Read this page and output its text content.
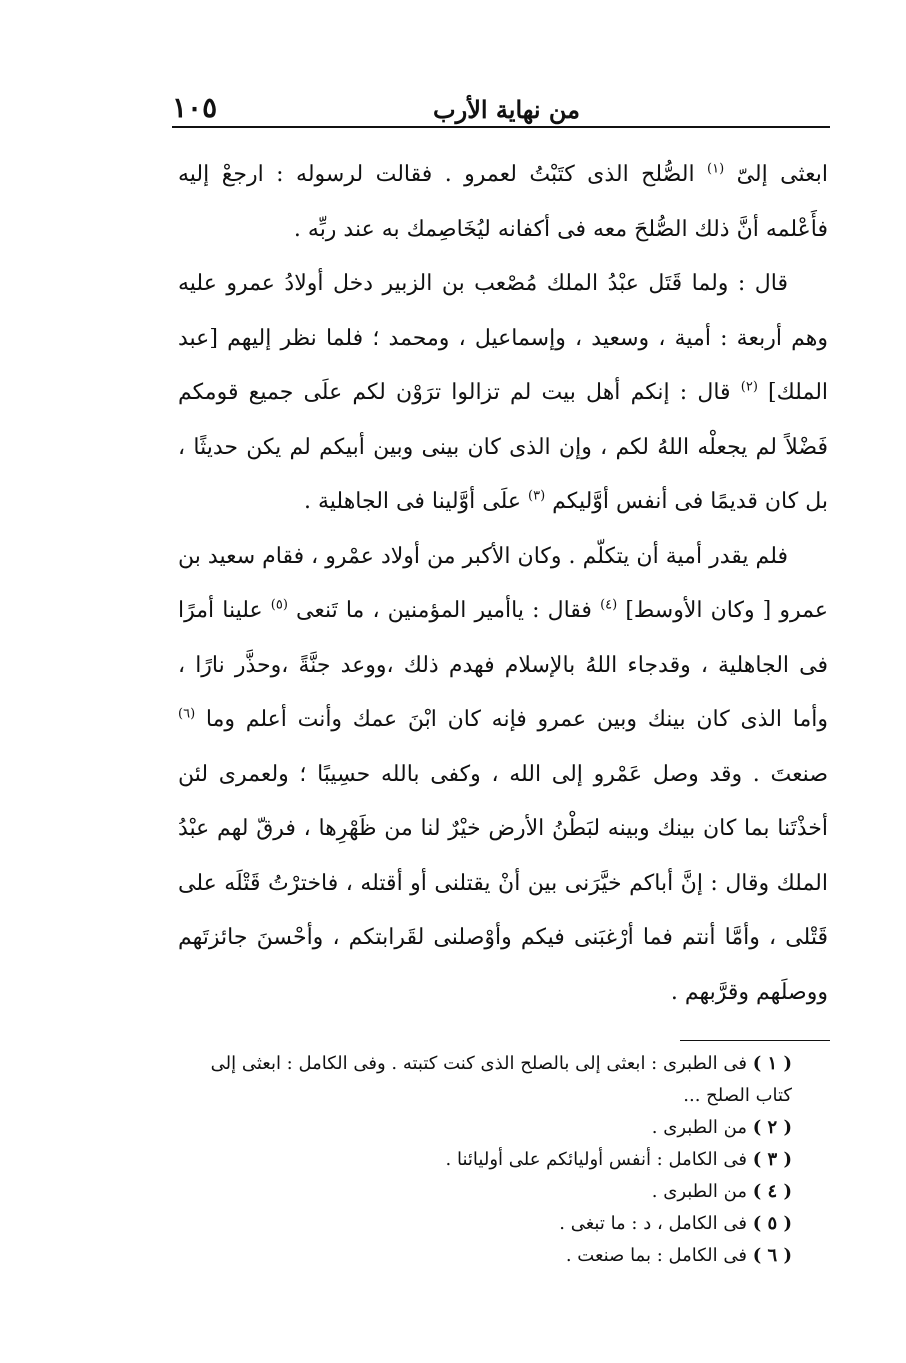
من نهاية الأرب
١٠٥

ابعثى إلىّ $^{(١)}$ الصُّلح الذى كتَبْتُ لعمرو . فقالت لرسوله : ارجعْ إليه فأَعْلمه أنَّ ذلك الصُّلحَ معه فى أكفانه ليُخَاصِمك به عند ربِّه .

قال : ولما قَتَل عبْدُ الملك مُصْعب بن الزبير دخل أولادُ عمرو عليه وهم أربعة : أمية ، وسعيد ، وإسماعيل ، ومحمد ؛ فلما نظر إليهم [عبد الملك] $^{(٢)}$ قال : إنكم أهل بيت لم تزالوا ترَوْن لكم علَى جميع قومكم فَضْلاً لم يجعلْه اللهُ لكم ، وإن الذى كان بينى وبين أبيكم لم يكن حديثًا ، بل كان قديمًا فى أنفس أوَّليكم $^{(٣)}$ علَى أوَّلينا فى الجاهلية .

فلم يقدر أمية أن يتكلّم . وكان الأكبر من أولاد عمْرو ، فقام سعيد بن عمرو [ وكان الأوسط] $^{(٤)}$ فقال : ياأمير المؤمنين ، ما تَنعى $^{(٥)}$ علينا أمرًا فى الجاهلية ، وقدجاء اللهُ بالإسلام فهدم ذلك ،ووعد جنَّةً ،وحذَّر نارًا ، وأما الذى كان بينك وبين عمرو فإنه كان ابْنَ عمك وأنت أعلم وما $^{(٦)}$ صنعتَ . وقد وصل عَمْرو إلى الله ، وكفى بالله حسِيبًا ؛ ولعمرى لئن أخذْتَنا بما كان بينك وبينه لبَطْنُ الأرض خيْرٌ لنا من ظَهْرِها ، فرقّ لهم عبْدُ الملك وقال : إنَّ أباكم خيَّرَنى بين أنْ يقتلنى أو أقتله ، فاخترْتُ قَتْلَه على قَتْلى ، وأمَّا أنتم فما أرْغبَنى فيكم وأوْصلنى لقَرابتكم ، وأحْسنَ جائزتَهم ووصلَهم وقرَّبهم .

( ١ ) فى الطبرى : ابعثى إلى بالصلح الذى كنت كتبته . وفى الكامل : ابعثى إلى كتاب الصلح ...

( ٢ ) من الطبرى .

( ٣ ) فى الكامل : أنفس أوليائكم على أوليائنا .

( ٤ ) من الطبرى .

( ٥ ) فى الكامل ، د : ما تبغى .

( ٦ ) فى الكامل : بما صنعت .
